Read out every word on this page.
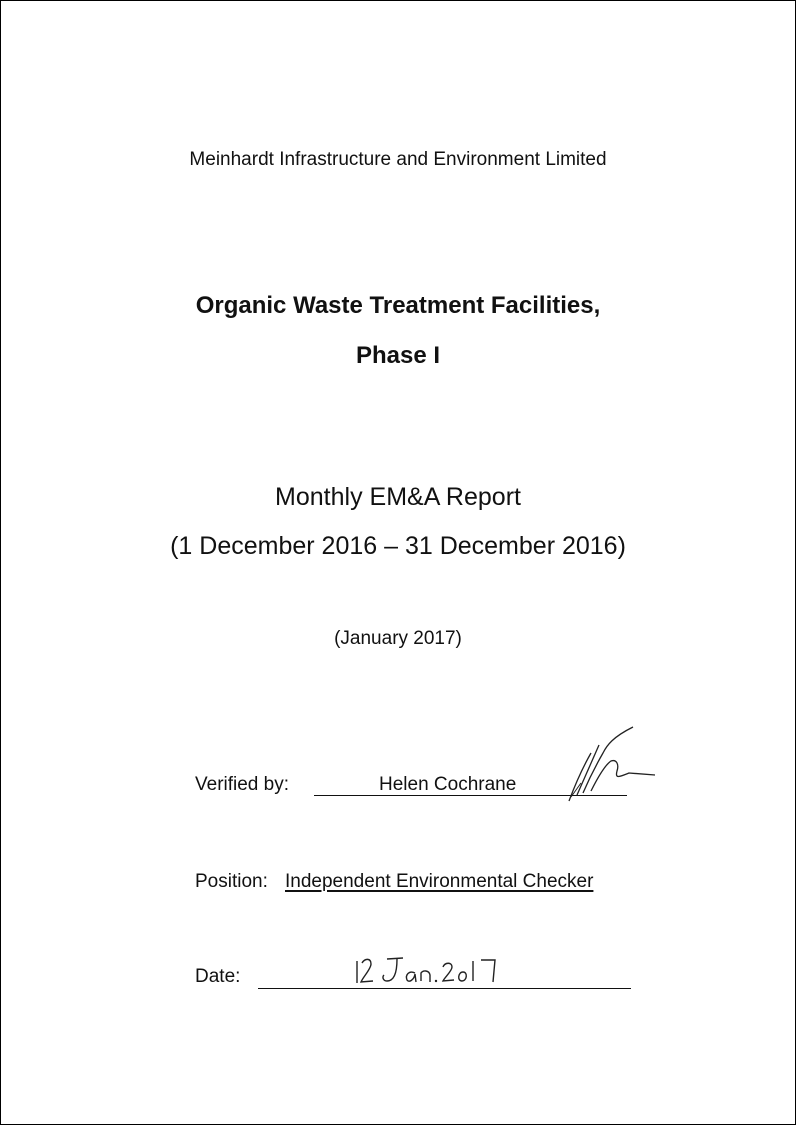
Meinhardt Infrastructure and Environment Limited
Organic Waste Treatment Facilities,
Phase I
Monthly EM&A Report
(1 December 2016 – 31 December 2016)
(January 2017)
Verified by:	Helen Cochrane
Position: Independent Environmental Checker
Date:
